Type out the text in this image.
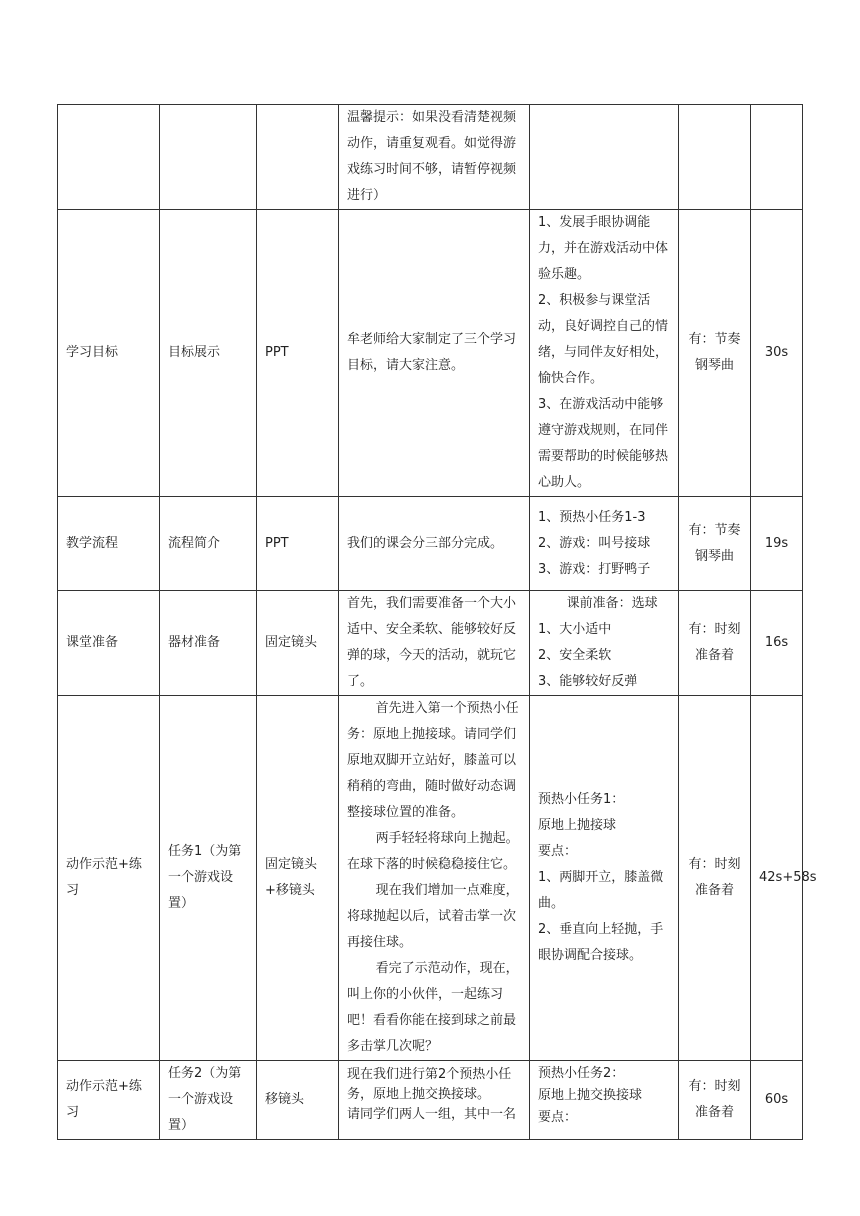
			温馨提示：如果没看清楚视频动作，请重复观看。如觉得游戏练习时间不够，请暂停视频进行）			

学习目标	目标展示	PPT	牟老师给大家制定了三个学习目标，请大家注意。	1、发展手眼协调能力，并在游戏活动中体验乐趣。
2、积极参与课堂活动，良好调控自己的情绪，与同伴友好相处，愉快合作。
3、在游戏活动中能够遵守游戏规则，在同伴需要帮助的时候能够热心助人。	有：节奏钢琴曲	30s
教学流程	流程简介	PPT	我们的课会分三部分完成。	1、预热小任务1-3
2、游戏：叫号接球
3、游戏：打野鸭子	有：节奏钢琴曲	19s
课堂准备	器材准备	固定镜头	首先，我们需要准备一个大小适中、安全柔软、能够较好反弹的球，今天的活动，就玩它了。	课前准备：选球
1、大小适中
2、安全柔软
3、能够较好反弹	有：时刻准备着	16s
动作示范+练习	任务1（为第一个游戏设置）	固定镜头+移镜头	首先进入第一个预热小任务：原地上抛接球。请同学们原地双脚开立站好，膝盖可以稍稍的弯曲，随时做好动态调整接球位置的准备。
两手轻轻将球向上抛起。在球下落的时候稳稳接住它。
现在我们增加一点难度，将球抛起以后，试着击掌一次再接住球。
看完了示范动作，现在，叫上你的小伙伴，一起练习吧！看看你能在接到球之前最多击掌几次呢？	预热小任务1：
原地上抛接球
要点：
1、两脚开立，膝盖微曲。
2、垂直向上轻抛，手眼协调配合接球。	有：时刻准备着	42s+58s
动作示范+练习	任务2（为第一个游戏设置）	移镜头	现在我们进行第2个预热小任务，原地上抛交换接球。
请同学们两人一组，其中一名	预热小任务2：
原地上抛交换接球
要点：	有：时刻准备着	60s
